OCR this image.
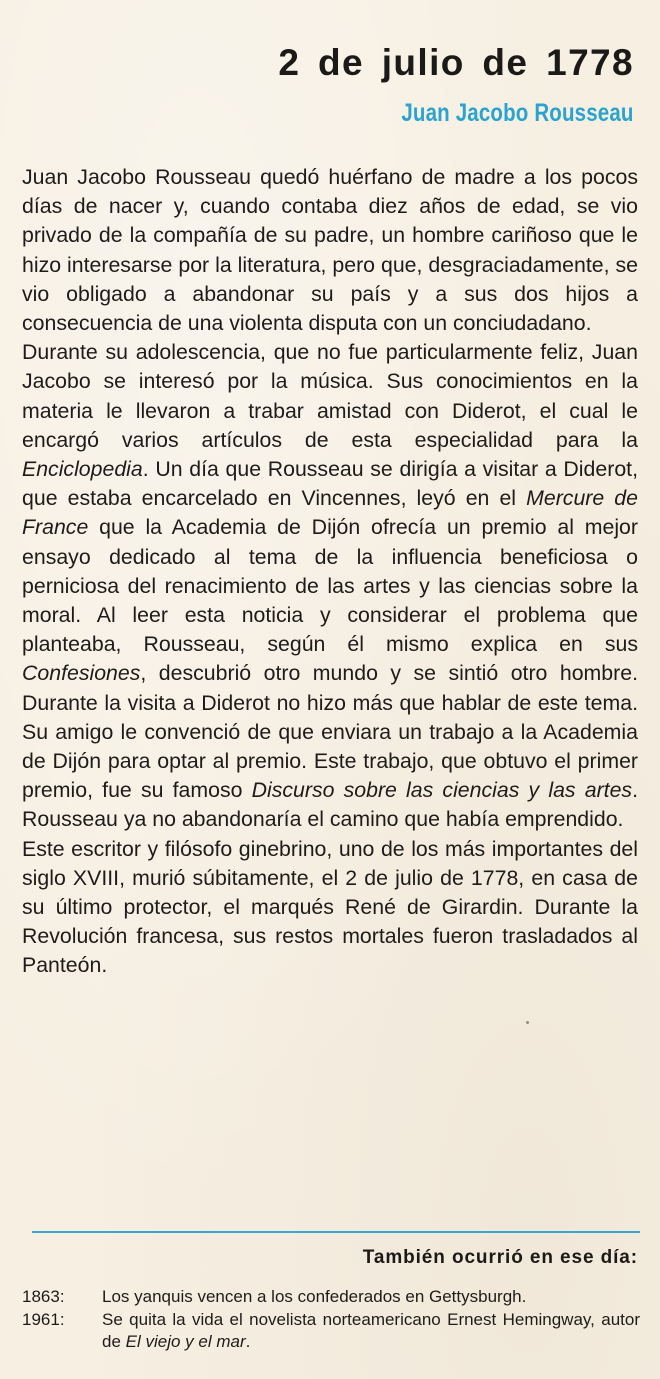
2 de julio de 1778
Juan Jacobo Rousseau

Juan Jacobo Rousseau quedó huérfano de madre a los pocos días de nacer y, cuando contaba diez años de edad, se vio privado de la compañía de su padre, un hombre cariñoso que le hizo interesarse por la literatura, pero que, desgraciadamente, se vio obligado a abandonar su país y a sus dos hijos a consecuencia de una violenta disputa con un conciudadano.

Durante su adolescencia, que no fue particularmente feliz, Juan Jacobo se interesó por la música. Sus conocimientos en la materia le llevaron a trabar amistad con Diderot, el cual le encargó varios artículos de esta especialidad para la Enciclopedia. Un día que Rousseau se dirigía a visitar a Diderot, que estaba encarcelado en Vincennes, leyó en el Mercure de France que la Academia de Dijón ofrecía un premio al mejor ensayo dedicado al tema de la influencia beneficiosa o perniciosa del renacimiento de las artes y las ciencias sobre la moral. Al leer esta noticia y considerar el problema que planteaba, Rousseau, según él mismo explica en sus Confesiones, descubrió otro mundo y se sintió otro hombre. Durante la visita a Diderot no hizo más que hablar de este tema. Su amigo le convenció de que enviara un trabajo a la Academia de Dijón para optar al premio. Este trabajo, que obtuvo el primer premio, fue su famoso Discurso sobre las ciencias y las artes. Rousseau ya no abandonaría el camino que había emprendido.

Este escritor y filósofo ginebrino, uno de los más importantes del siglo XVIII, murió súbitamente, el 2 de julio de 1778, en casa de su último protector, el marqués René de Girardin. Durante la Revolución francesa, sus restos mortales fueron trasladados al Panteón.

También ocurrió en ese día:
1863:	Los yanquis vencen a los confederados en Gettysburgh.
1961:	Se quita la vida el novelista norteamericano Ernest Hemingway, autor de El viejo y el mar.
